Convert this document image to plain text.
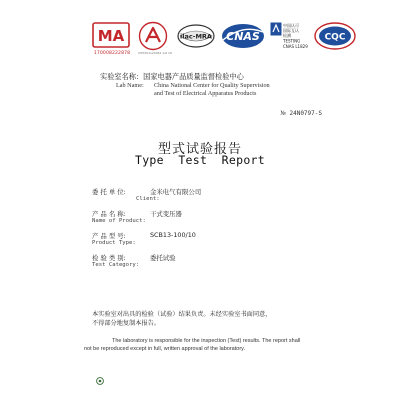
MA
170008222878	CNT201120061 1st 16
ilac-MRA CNAS
中国认可
国际互认
检测
TESTING
CNAS L1829
CQC
实验室名称：国家电器产品质量监督检验中心
Lab Name: China National Center for Quality Supervision
and Test of Electrical Apparatus Products
№ 24N0797-S
型式试验报告
Type  Test  Report
委 托 单 位:	金米电气有限公司
Client:
产 品 名 称:	干式变压器
Name of Product:
产 品 型 号:	SCB13-100/10
Product Type:
检 验 类 别:	委托试验
Test Category:
本实验室对出具的检验（试验）结果负责。未经实验室书面同意，
不得部分地复制本报告。
The laboratory is responsible for the inspection (Test) results. The report shall
not be reproduced except in full, written approval of the laboratory.
